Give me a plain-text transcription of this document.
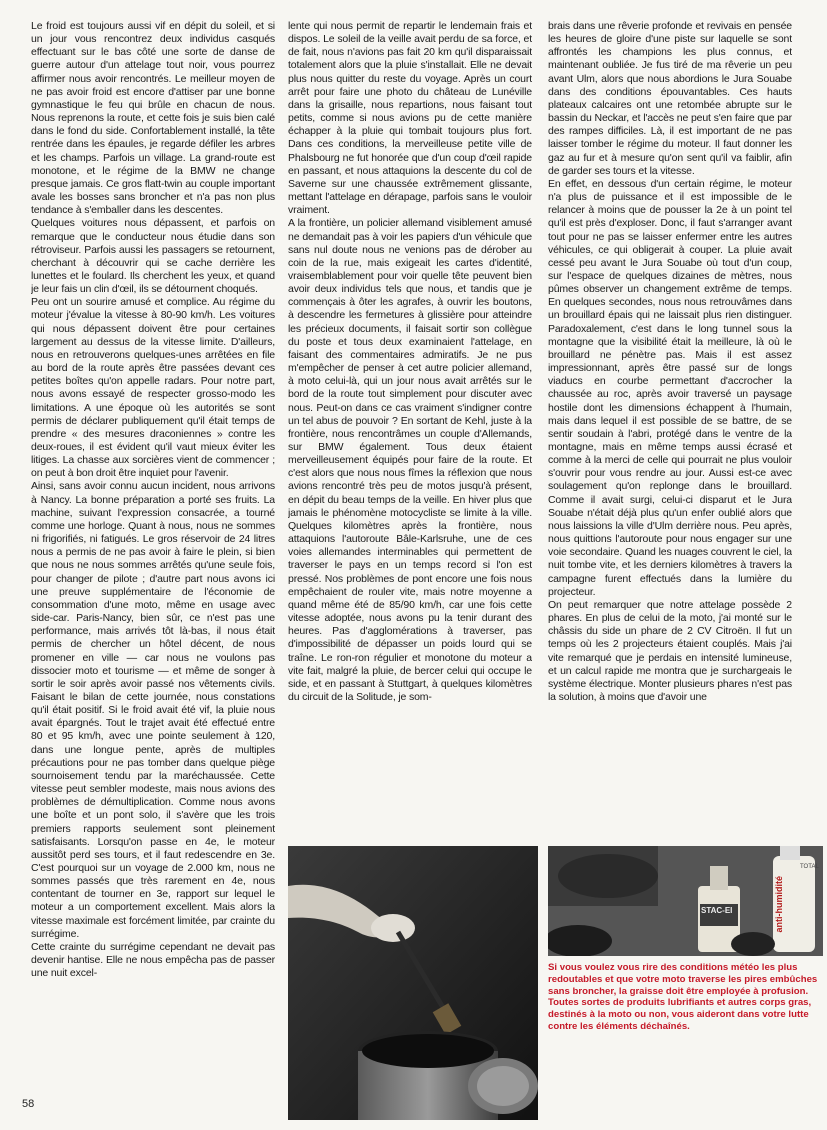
Le froid est toujours aussi vif en dépit du soleil, et si un jour vous rencontrez deux individus casqués effectuant sur le bas côté une sorte de danse de guerre autour d'un attelage tout noir, vous pourrez affirmer nous avoir rencontrés. Le meilleur moyen de ne pas avoir froid est encore d'attiser par une bonne gymnastique le feu qui brûle en chacun de nous. Nous reprenons la route, et cette fois je suis bien calé dans le fond du side. Confortablement installé, la tête rentrée dans les épaules, je regarde défiler les arbres et les champs. Parfois un village. La grand-route est monotone, et le régime de la BMW ne change presque jamais. Ce gros flatt-twin au couple important avale les bosses sans broncher et n'a pas non plus tendance à s'emballer dans les descentes.

Quelques voitures nous dépassent, et parfois on remarque que le conducteur nous étudie dans son rétroviseur. Parfois aussi les passagers se retournent, cherchant à découvrir qui se cache derrière les lunettes et le foulard. Ils cherchent les yeux, et quand je leur fais un clin d'œil, ils se détournent choqués.

Peu ont un sourire amusé et complice. Au régime du moteur j'évalue la vitesse à 80-90 km/h. Les voitures qui nous dépassent doivent être pour certaines largement au dessus de la vitesse limite. D'ailleurs, nous en retrouverons quelques-unes arrêtées en file au bord de la route après être passées devant ces petites boîtes qu'on appelle radars. Pour notre part, nous avons essayé de respecter grosso-modo les limitations. A une époque où les autorités se sont permis de déclarer publiquement qu'il était temps de prendre « des mesures draconiennes » contre les deux-roues, il est évident qu'il vaut mieux éviter les litiges. La chasse aux sorcières vient de commencer ; on peut à bon droit être inquiet pour l'avenir.

Ainsi, sans avoir connu aucun incident, nous arrivons à Nancy. La bonne préparation a porté ses fruits. La machine, suivant l'expression consacrée, a tourné comme une horloge. Quant à nous, nous ne sommes ni frigorifiés, ni fatigués. Le gros réservoir de 24 litres nous a permis de ne pas avoir à faire le plein, si bien que nous ne nous sommes arrêtés qu'une seule fois, pour changer de pilote ; d'autre part nous avons ici une preuve supplémentaire de l'économie de consommation d'une moto, même en usage avec side-car. Paris-Nancy, bien sûr, ce n'est pas une performance, mais arrivés tôt là-bas, il nous était permis de chercher un hôtel décent, de nous promener en ville — car nous ne voulons pas dissocier moto et tourisme — et même de songer à sortir le soir après avoir passé nos vêtements civils. Faisant le bilan de cette journée, nous constations qu'il était positif. Si le froid avait été vif, la pluie nous avait épargnés. Tout le trajet avait été effectué entre 80 et 95 km/h, avec une pointe seulement à 120, dans une longue pente, après de multiples précautions pour ne pas tomber dans quelque piège sournoisement tendu par la maréchaussée. Cette vitesse peut sembler modeste, mais nous avions des problèmes de démultiplication. Comme nous avons une boîte et un pont solo, il s'avère que les trois premiers rapports seulement sont pleinement satisfaisants. Lorsqu'on passe en 4e, le moteur aussitôt perd ses tours, et il faut redescendre en 3e. C'est pourquoi sur un voyage de 2.000 km, nous ne sommes passés que très rarement en 4e, nous contentant de tourner en 3e, rapport sur lequel le moteur a un comportement excellent. Mais alors la vitesse maximale est forcément limitée, par crainte du surrégime.

Cette crainte du surrégime cependant ne devait pas devenir hantise. Elle ne nous empêcha pas de passer une nuit excel-

lente qui nous permit de repartir le lendemain frais et dispos. Le soleil de la veille avait perdu de sa force, et de fait, nous n'avions pas fait 20 km qu'il disparaissait totalement alors que la pluie s'installait. Elle ne devait plus nous quitter du reste du voyage. Après un court arrêt pour faire une photo du château de Lunéville dans la grisaille, nous repartions, nous faisant tout petits, comme si nous avions pu de cette manière échapper à la pluie qui tombait toujours plus fort. Dans ces conditions, la merveilleuse petite ville de Phalsbourg ne fut honorée que d'un coup d'œil rapide en passant, et nous attaquions la descente du col de Saverne sur une chaussée extrêmement glissante, mettant l'attelage en dérapage, parfois sans le vouloir vraiment.

A la frontière, un policier allemand visiblement amusé ne demandait pas à voir les papiers d'un véhicule que sans nul doute nous ne venions pas de dérober au coin de la rue, mais exigeait les cartes d'identité, vraisemblablement pour voir quelle tête peuvent bien avoir deux individus tels que nous, et tandis que je commençais à ôter les agrafes, à ouvrir les boutons, à descendre les fermetures à glissière pour atteindre les précieux documents, il faisait sortir son collègue du poste et tous deux examinaient l'attelage, en faisant des commentaires admiratifs. Je ne pus m'empêcher de penser à cet autre policier allemand, à moto celui-là, qui un jour nous avait arrêtés sur le bord de la route tout simplement pour discuter avec nous. Peut-on dans ce cas vraiment s'indigner contre un tel abus de pouvoir ? En sortant de Kehl, juste à la frontière, nous rencontrâmes un couple d'Allemands, sur BMW également. Tous deux étaient merveilleusement équipés pour faire de la route. Et c'est alors que nous nous fîmes la réflexion que nous avions rencontré très peu de motos jusqu'à présent, en dépit du beau temps de la veille. En hiver plus que jamais le phénomène motocycliste se limite à la ville. Quelques kilomètres après la frontière, nous attaquions l'autoroute Bâle-Karlsruhe, une de ces voies allemandes interminables qui permettent de traverser le pays en un temps record si l'on est pressé. Nos problèmes de pont encore une fois nous empêchaient de rouler vite, mais notre moyenne a quand même été de 85/90 km/h, car une fois cette vitesse adoptée, nous avons pu la tenir durant des heures. Pas d'agglomérations à traverser, pas d'impossibilité de dépasser un poids lourd qui se traîne. Le ron-ron régulier et monotone du moteur a vite fait, malgré la pluie, de bercer celui qui occupe le side, et en passant à Stuttgart, à quelques kilomètres du circuit de la Solitude, je som-

brais dans une rêverie profonde et revivais en pensée les heures de gloire d'une piste sur laquelle se sont affrontés les champions les plus connus, et maintenant oubliée. Je fus tiré de ma rêverie un peu avant Ulm, alors que nous abordions le Jura Souabe dans des conditions épouvantables. Ces hauts plateaux calcaires ont une retombée abrupte sur le bassin du Neckar, et l'accès ne peut s'en faire que par des rampes difficiles. Là, il est important de ne pas laisser tomber le régime du moteur. Il faut donner les gaz au fur et à mesure qu'on sent qu'il va faiblir, afin de garder ses tours et la vitesse.

En effet, en dessous d'un certain régime, le moteur n'a plus de puissance et il est impossible de le relancer à moins que de pousser la 2e à un point tel qu'il est près d'exploser. Donc, il faut s'arranger avant tout pour ne pas se laisser enfermer entre les autres véhicules, ce qui obligerait à couper. La pluie avait cessé peu avant le Jura Souabe où tout d'un coup, sur l'espace de quelques dizaines de mètres, nous pûmes observer un changement extrême de temps. En quelques secondes, nous nous retrouvâmes dans un brouillard épais qui ne laissait plus rien distinguer. Paradoxalement, c'est dans le long tunnel sous la montagne que la visibilité était la meilleure, là où le brouillard ne pénètre pas. Mais il est assez impressionnant, après être passé sur de longs viaducs en courbe permettant d'accrocher la chaussée au roc, après avoir traversé un paysage hostile dont les dimensions échappent à l'humain, mais dans lequel il est possible de se battre, de se sentir soudain à l'abri, protégé dans le ventre de la montagne, mais en même temps aussi écrasé et comme à la merci de celle qui pourrait ne plus vouloir s'ouvrir pour vous rendre au jour. Aussi est-ce avec soulagement qu'on replonge dans le brouillard. Comme il avait surgi, celui-ci disparut et le Jura Souabe n'était déjà plus qu'un enfer oublié alors que nous laissions la ville d'Ulm derrière nous. Peu après, nous quittions l'autoroute pour nous engager sur une voie secondaire. Quand les nuages couvrent le ciel, la nuit tombe vite, et les derniers kilomètres à travers la campagne furent effectués dans la lumière du projecteur.

On peut remarquer que notre attelage possède 2 phares. En plus de celui de la moto, j'ai monté sur le châssis du side un phare de 2 CV Citroën. Il fut un temps où les 2 projecteurs étaient couplés. Mais j'ai vite remarqué que je perdais en intensité lumineuse, et un calcul rapide me montra que je surchargeais le système électrique. Monter plusieurs phares n'est pas la solution, à moins que d'avoir une

STAC-EI	anti-humidité
TOTAL
Si vous voulez vous rire des conditions météo les plus redoutables et que votre moto traverse les pires embûches sans broncher, la graisse doit être employée à profusion. Toutes sortes de produits lubrifiants et autres corps gras, destinés à la moto ou non, vous aideront dans votre lutte contre les éléments déchaînés.
58
